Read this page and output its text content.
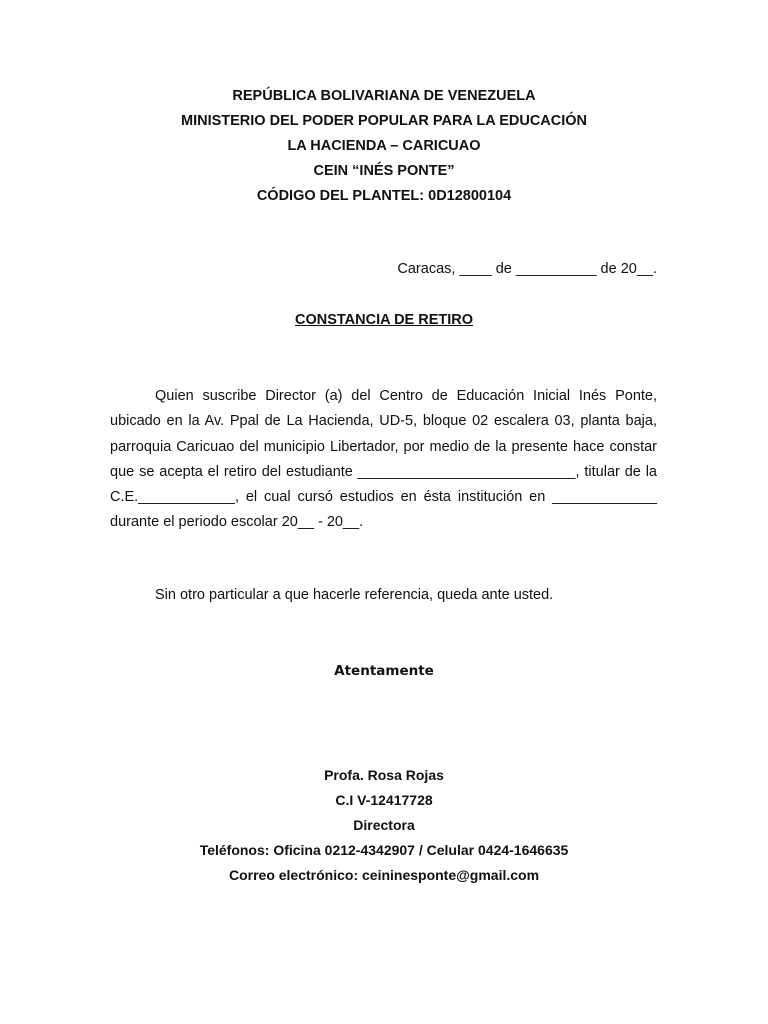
REPÚBLICA BOLIVARIANA DE VENEZUELA
MINISTERIO DEL PODER POPULAR PARA LA EDUCACIÓN
LA HACIENDA – CARICUAO
CEIN “INÉS PONTE”
CÓDIGO DEL PLANTEL: 0D12800104
Caracas, ____ de __________ de 20__.
CONSTANCIA DE RETIRO

Quien suscribe Director (a) del Centro de Educación Inicial Inés Ponte, ubicado en la Av. Ppal de La Hacienda, UD-5, bloque 02 escalera 03, planta baja, parroquia Caricuao del municipio Libertador, por medio de la presente hace constar que se acepta el retiro del estudiante ___________________________, titular de la C.E.____________, el cual cursó estudios en ésta institución en _____________ durante el periodo escolar 20__ - 20__.

Sin otro particular a que hacerle referencia, queda ante usted.
Atentamente
Profa. Rosa Rojas
C.I V-12417728
Directora
Teléfonos: Oficina 0212-4342907 / Celular 0424-1646635
Correo electrónico: ceininesponte@gmail.com
